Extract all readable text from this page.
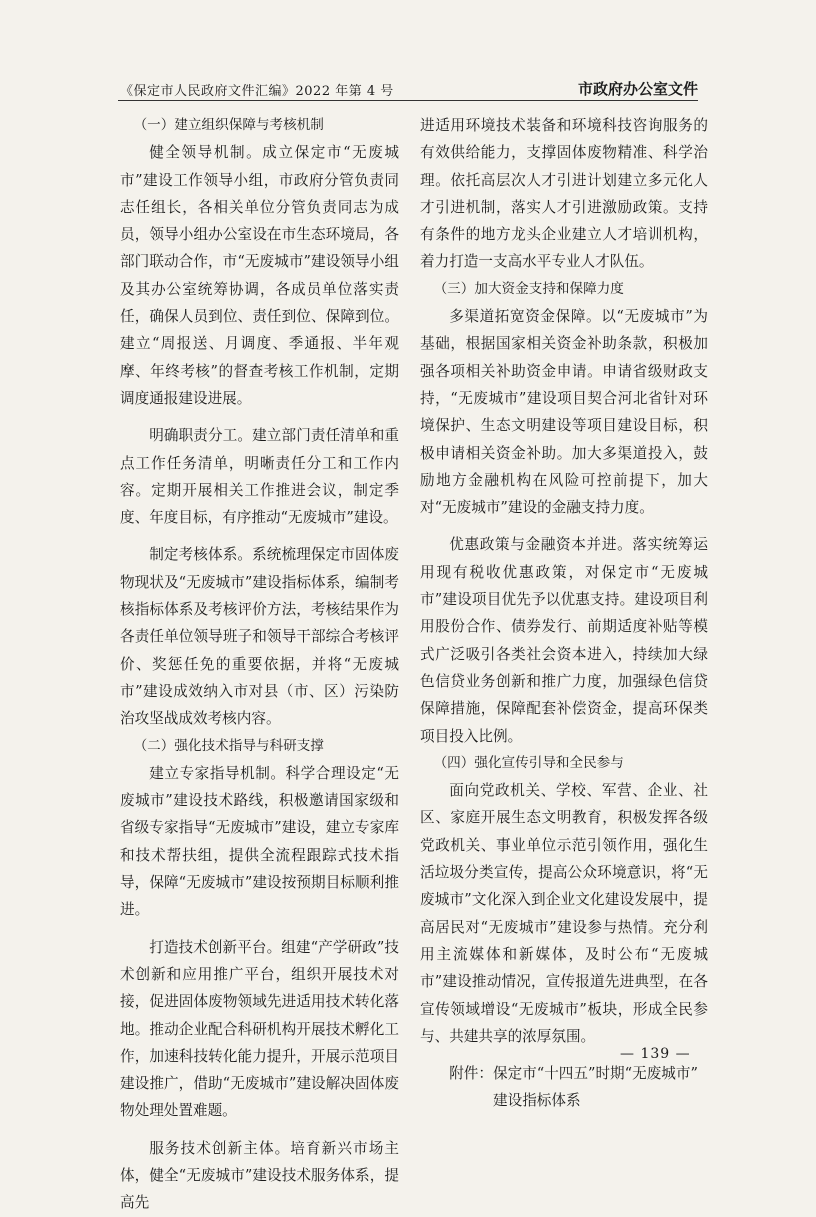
《保定市人民政府文件汇编》2022 年第 4 号	市政府办公室文件

（一）建立组织保障与考核机制

健全领导机制。成立保定市“无废城市”建设工作领导小组，市政府分管负责同志任组长，各相关单位分管负责同志为成员，领导小组办公室设在市生态环境局，各部门联动合作，市“无废城市”建设领导小组及其办公室统筹协调，各成员单位落实责任，确保人员到位、责任到位、保障到位。建立“周报送、月调度、季通报、半年观摩、年终考核”的督查考核工作机制，定期调度通报建设进展。

明确职责分工。建立部门责任清单和重点工作任务清单，明晰责任分工和工作内容。定期开展相关工作推进会议，制定季度、年度目标，有序推动“无废城市”建设。

制定考核体系。系统梳理保定市固体废物现状及“无废城市”建设指标体系，编制考核指标体系及考核评价方法，考核结果作为各责任单位领导班子和领导干部综合考核评价、奖惩任免的重要依据，并将“无废城市”建设成效纳入市对县（市、区）污染防治攻坚战成效考核内容。

（二）强化技术指导与科研支撑

建立专家指导机制。科学合理设定“无废城市”建设技术路线，积极邀请国家级和省级专家指导“无废城市”建设，建立专家库和技术帮扶组，提供全流程跟踪式技术指导，保障“无废城市”建设按预期目标顺利推进。

打造技术创新平台。组建“产学研政”技术创新和应用推广平台，组织开展技术对接，促进固体废物领域先进适用技术转化落地。推动企业配合科研机构开展技术孵化工作，加速科技转化能力提升，开展示范项目建设推广，借助“无废城市”建设解决固体废物处理处置难题。

服务技术创新主体。培育新兴市场主体，健全“无废城市”建设技术服务体系，提高先

进适用环境技术装备和环境科技咨询服务的有效供给能力，支撑固体废物精准、科学治理。依托高层次人才引进计划建立多元化人才引进机制，落实人才引进激励政策。支持有条件的地方龙头企业建立人才培训机构，着力打造一支高水平专业人才队伍。

（三）加大资金支持和保障力度

多渠道拓宽资金保障。以“无废城市”为基础，根据国家相关资金补助条款，积极加强各项相关补助资金申请。申请省级财政支持，“无废城市”建设项目契合河北省针对环境保护、生态文明建设等项目建设目标，积极申请相关资金补助。加大多渠道投入，鼓励地方金融机构在风险可控前提下，加大对“无废城市”建设的金融支持力度。

优惠政策与金融资本并进。落实统筹运用现有税收优惠政策，对保定市“无废城市”建设项目优先予以优惠支持。建设项目利用股份合作、债券发行、前期适度补贴等模式广泛吸引各类社会资本进入，持续加大绿色信贷业务创新和推广力度，加强绿色信贷保障措施，保障配套补偿资金，提高环保类项目投入比例。

（四）强化宣传引导和全民参与

面向党政机关、学校、军营、企业、社区、家庭开展生态文明教育，积极发挥各级党政机关、事业单位示范引领作用，强化生活垃圾分类宣传，提高公众环境意识，将“无废城市”文化深入到企业文化建设发展中，提高居民对“无废城市”建设参与热情。充分利用主流媒体和新媒体，及时公布“无废城市”建设推动情况，宣传报道先进典型，在各宣传领域增设“无废城市”板块，形成全民参与、共建共享的浓厚氛围。

附件：保定市“十四五”时期“无废城市”

建设指标体系

— 139 —
